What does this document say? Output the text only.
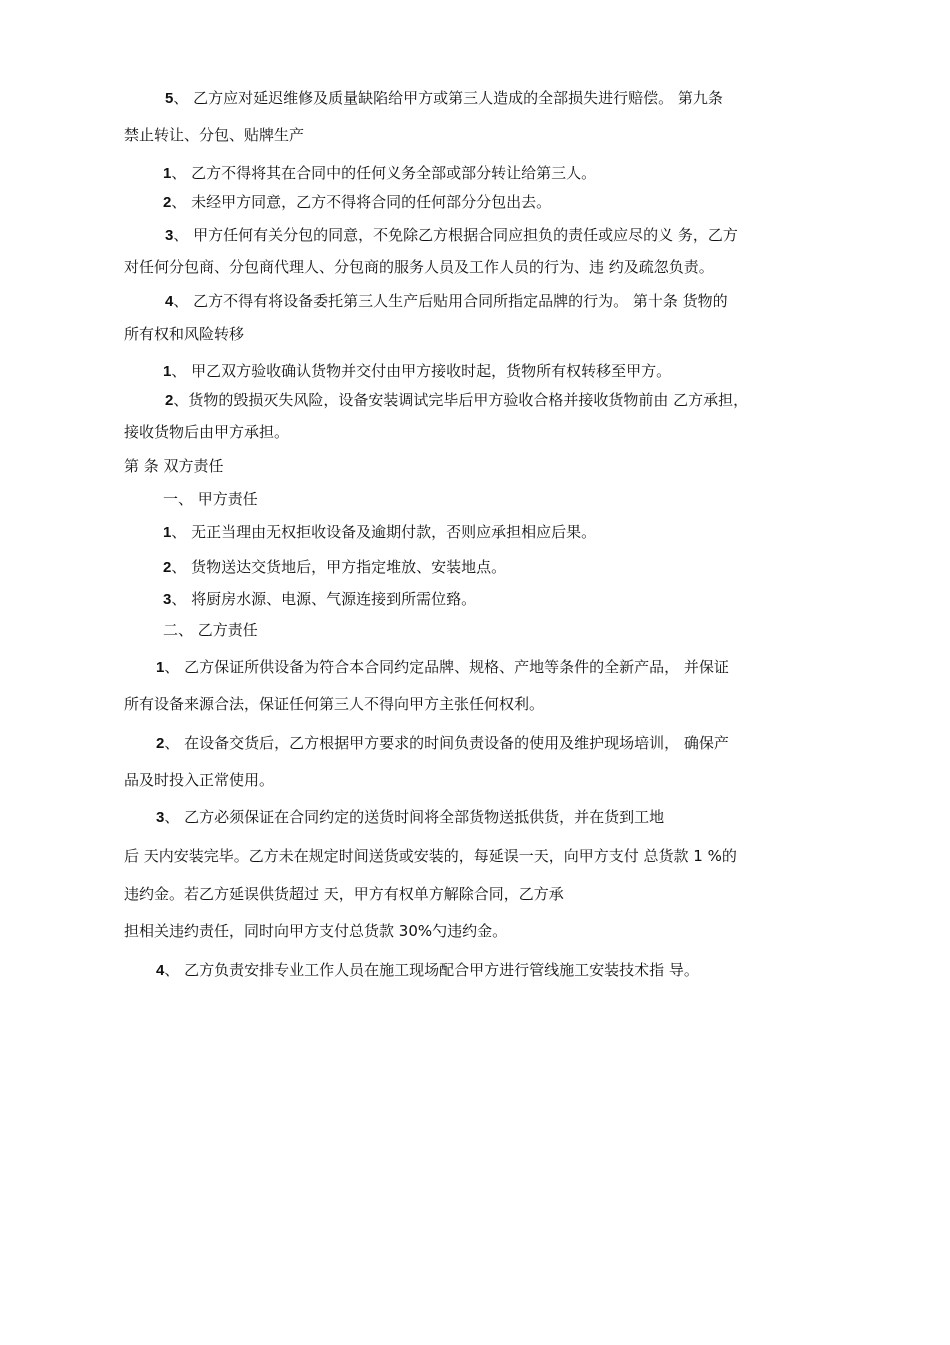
5、 乙方应对延迟维修及质量缺陷给甲方或第三人造成的全部损失进行赔偿。 第九条
禁止转让、分包、贴牌生产
1、 乙方不得将其在合同中的任何义务全部或部分转让给第三人。
2、 未经甲方同意，乙方不得将合同的任何部分分包出去。
3、 甲方任何有关分包的同意，不免除乙方根据合同应担负的责任或应尽的义 务，乙方
对任何分包商、分包商代理人、分包商的服务人员及工作人员的行为、违 约及疏忽负责。
4、 乙方不得有将设备委托第三人生产后贴用合同所指定品牌的行为。 第十条 货物的
所有权和风险转移
1、 甲乙双方验收确认货物并交付由甲方接收时起，货物所有权转移至甲方。
2、货物的毁损灭失风险，设备安装调试完毕后甲方验收合格并接收货物前由 乙方承担，
接收货物后由甲方承担。
第 条 双方责任
一、 甲方责任
1、 无正当理由无权拒收设备及逾期付款，否则应承担相应后果。
2、 货物送达交货地后，甲方指定堆放、安装地点。
3、 将厨房水源、电源、气源连接到所需位臵。
二、 乙方责任
1、 乙方保证所供设备为符合本合同约定品牌、规格、产地等条件的全新产品， 并保证
所有设备来源合法，保证任何第三人不得向甲方主张任何权利。
2、 在设备交货后，乙方根据甲方要求的时间负责设备的使用及维护现场培训， 确保产
品及时投入正常使用。
3、 乙方必须保证在合同约定的送货时间将全部货物送抵供货，并在货到工地
后 天内安装完毕。乙方未在规定时间送货或安装的，每延误一天，向甲方支付 总货款 1 %的
违约金。若乙方延误供货超过 天，甲方有权单方解除合同，乙方承
担相关违约责任，同时向甲方支付总货款 30%勺违约金。
4、 乙方负责安排专业工作人员在施工现场配合甲方进行管线施工安装技术指 导。
